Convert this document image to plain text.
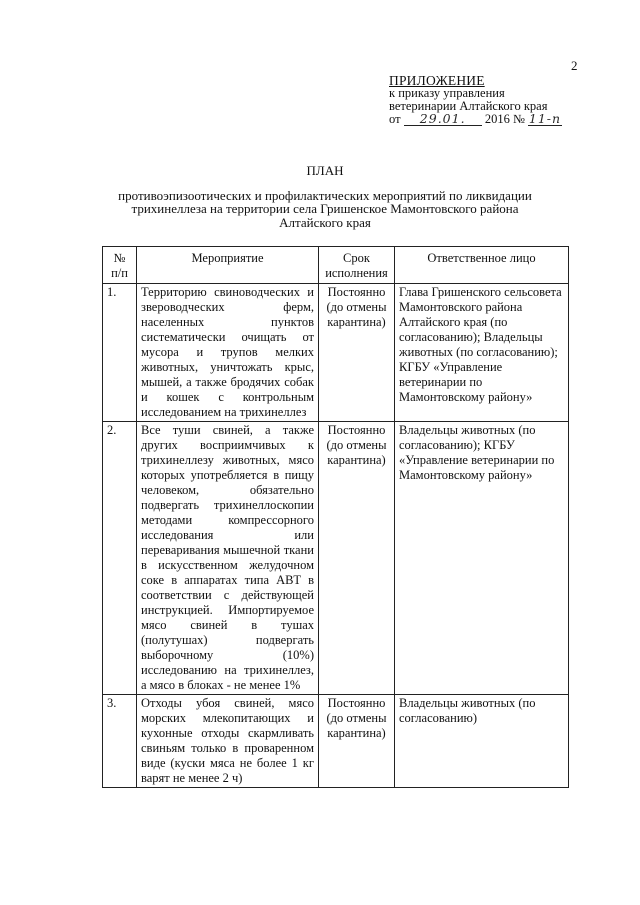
2
ПРИЛОЖЕНИЕ
к приказу управления
ветеринарии Алтайского края
от 29.01. 2016 № 11-п
ПЛАН
противоэпизоотических и профилактических мероприятий по ликвидации
трихинеллеза на территории села Гришенское Мамонтовского района
Алтайского края
№ п/п	Мероприятие	Срок исполнения	Ответственное лицо
1.	Территорию свиноводческих и звероводческих ферм, населенных пунктов систематически очищать от мусора и трупов мелких животных, уничтожать крыс, мышей, а также бродячих собак и кошек с контрольным исследованием на трихинеллез	Постоянно (до отмены карантина)	Глава Гришенского сельсовета Мамонтовского района Алтайского края (по согласованию); Владельцы животных (по согласованию); КГБУ «Управление ветеринарии по Мамонтовскому району»
2.	Все туши свиней, а также других восприимчивых к трихинеллезу животных, мясо которых употребляется в пищу человеком, обязательно подвергать трихинеллоскопии методами компрессорного исследования или переваривания мышечной ткани в искусственном желудочном соке в аппаратах типа АВТ в соответствии с действующей инструкцией. Импортируемое мясо свиней в тушах (полутушах) подвергать выборочному (10%) исследованию на трихинеллез, а мясо в блоках - не менее 1%	Постоянно (до отмены карантина)	Владельцы животных (по согласованию); КГБУ «Управление ветеринарии по Мамонтовскому району»
3.	Отходы убоя свиней, мясо морских млекопитающих и кухонные отходы скармливать свиньям только в проваренном виде (куски мяса не более 1 кг варят не менее 2 ч)	Постоянно (до отмены карантина)	Владельцы животных (по согласованию)
